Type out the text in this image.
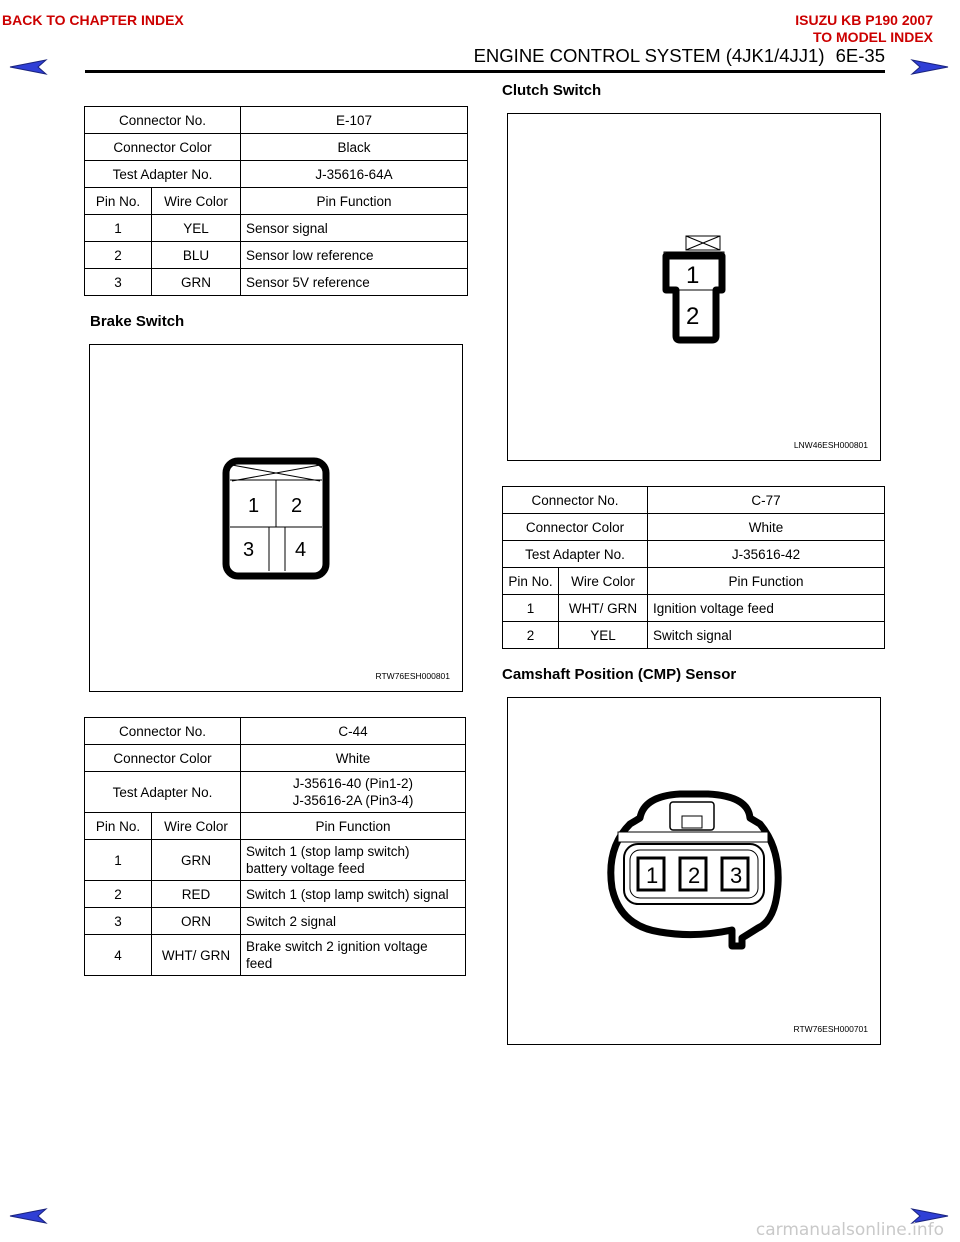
BACK TO CHAPTER INDEX	ISUZU KB P190 2007
TO MODEL INDEX
ENGINE CONTROL SYSTEM (4JK1/4JJ1) 6E-35
Connector No.		E-107
Connector Color		Black
Test Adapter No.		J-35616-64A
Pin No.	Wire Color	Pin Function
1	YEL	Sensor signal
2	BLU	Sensor low reference
3	GRN	Sensor 5V reference
Brake Switch
1 2
3 4
RTW76ESH000801
Connector No.		C-44
Connector Color		White
Test Adapter No.		J-35616-40 (Pin1-2)
J-35616-2A (Pin3-4)

Pin No.	Wire Color	Pin Function
1	GRN	Switch 1 (stop lamp switch)
battery voltage feed

2	RED	Switch 1 (stop lamp switch) signal
3	ORN	Switch 2 signal
4	WHT/ GRN	Brake switch 2 ignition voltage
feed
Clutch Switch
1
2
LNW46ESH000801
Connector No.		C-77
Connector Color		White
Test Adapter No.		J-35616-42
Pin No.	Wire Color	Pin Function
1	WHT/ GRN	Ignition voltage feed
2	YEL	Switch signal
Camshaft Position (CMP) Sensor
1 2 3
RTW76ESH000701
carmanualsonline.info
